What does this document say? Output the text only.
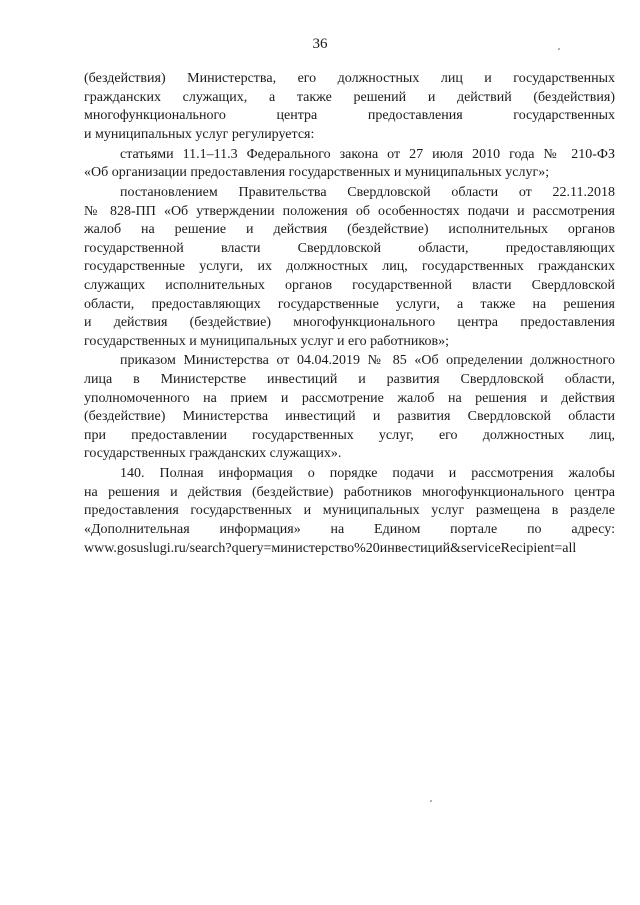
36
(бездействия) Министерства, его должностных лиц и государственных
гражданских служащих, а также решений и действий (бездействия)
многофункционального центра предоставления государственных
и муниципальных услуг регулируется:
статьями 11.1–11.3 Федерального закона от 27 июля 2010 года № 210-ФЗ
«Об организации предоставления государственных и муниципальных услуг»;
постановлением Правительства Свердловской области от 22.11.2018
№ 828-ПП «Об утверждении положения об особенностях подачи и рассмотрения
жалоб на решение и действия (бездействие) исполнительных органов
государственной власти Свердловской области, предоставляющих
государственные услуги, их должностных лиц, государственных гражданских
служащих исполнительных органов государственной власти Свердловской
области, предоставляющих государственные услуги, а также на решения
и действия (бездействие) многофункционального центра предоставления
государственных и муниципальных услуг и его работников»;
приказом Министерства от 04.04.2019 № 85 «Об определении должностного
лица в Министерстве инвестиций и развития Свердловской области,
уполномоченного на прием и рассмотрение жалоб на решения и действия
(бездействие) Министерства инвестиций и развития Свердловской области
при предоставлении государственных услуг, его должностных лиц,
государственных гражданских служащих».
140. Полная информация о порядке подачи и рассмотрения жалобы
на решения и действия (бездействие) работников многофункционального центра
предоставления государственных и муниципальных услуг размещена в разделе
«Дополнительная информация» на Едином портале по адресу:
www.gosuslugi.ru/search?query=министерство%20инвестиций&serviceRecipient=all
